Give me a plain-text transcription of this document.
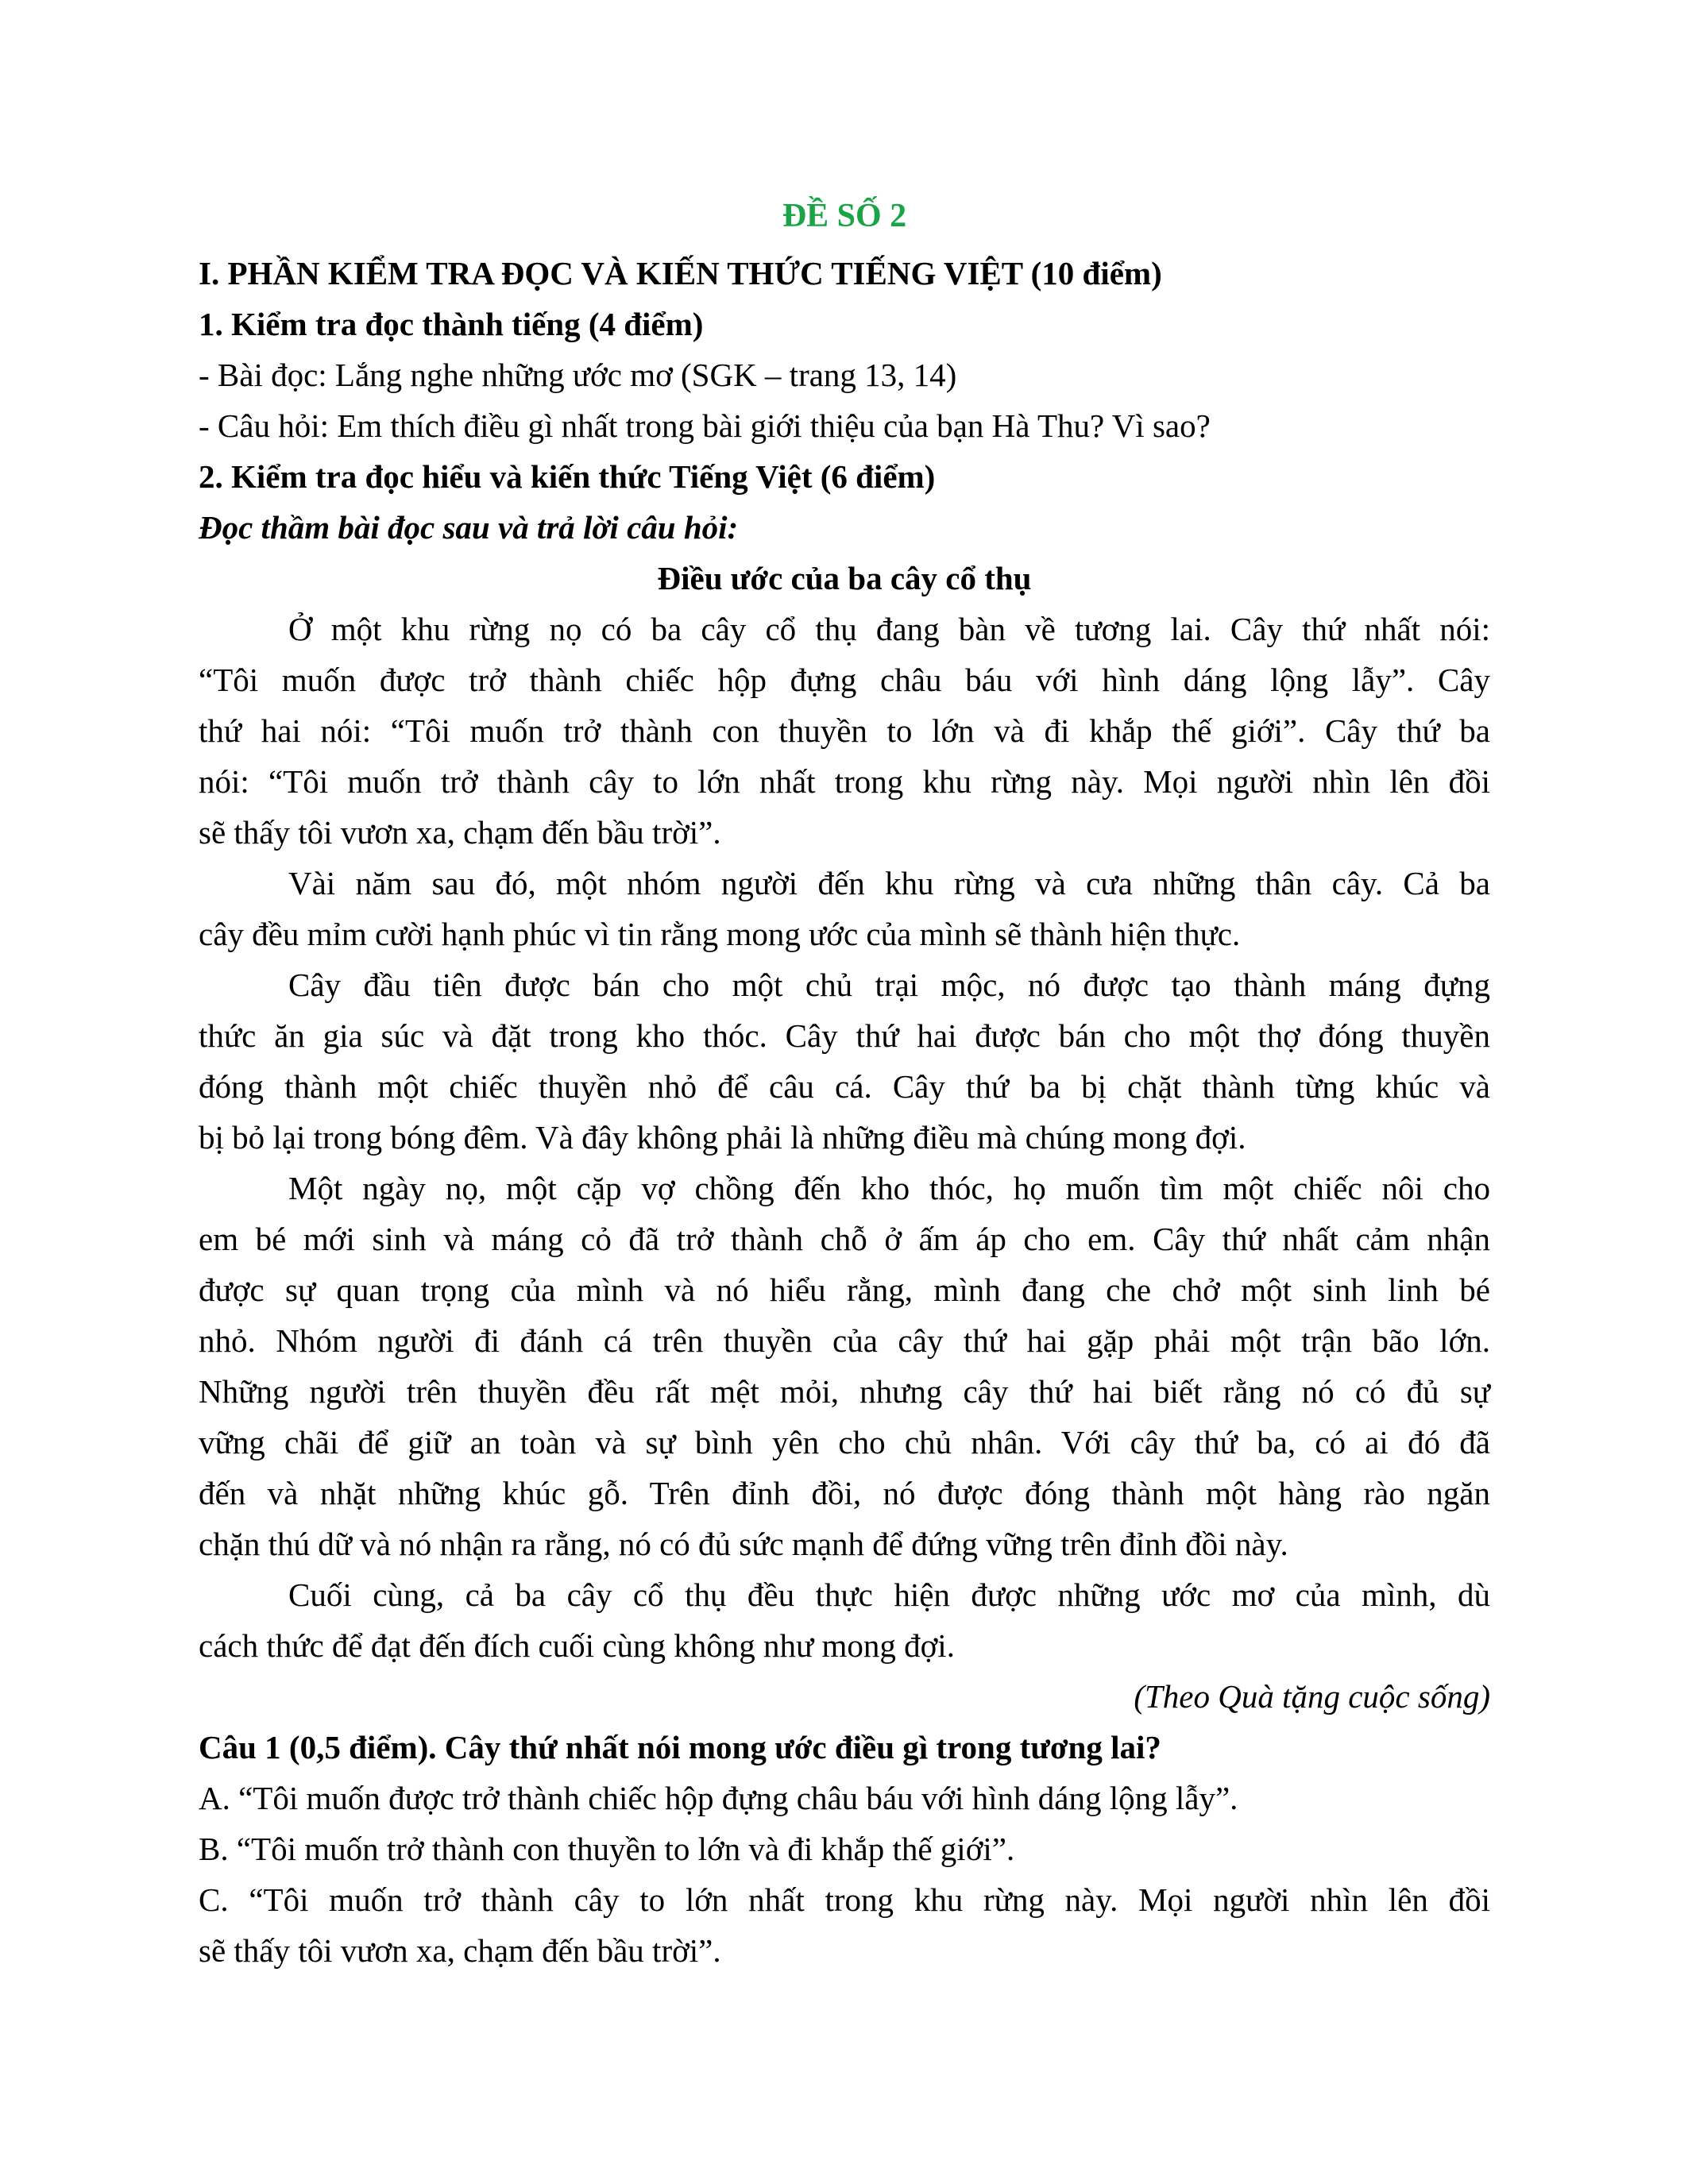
ĐỀ SỐ 2

I. PHẦN KIỂM TRA ĐỌC VÀ KIẾN THỨC TIẾNG VIỆT (10 điểm)

1. Kiểm tra đọc thành tiếng (4 điểm)

- Bài đọc: Lắng nghe những ước mơ (SGK – trang 13, 14)

- Câu hỏi: Em thích điều gì nhất trong bài giới thiệu của bạn Hà Thu? Vì sao?

2. Kiểm tra đọc hiểu và kiến thức Tiếng Việt (6 điểm)

Đọc thầm bài đọc sau và trả lời câu hỏi:

Điều ước của ba cây cổ thụ

Ở một khu rừng nọ có ba cây cổ thụ đang bàn về tương lai. Cây thứ nhất nói:

“Tôi muốn được trở thành chiếc hộp đựng châu báu với hình dáng lộng lẫy”. Cây

thứ hai nói: “Tôi muốn trở thành con thuyền to lớn và đi khắp thế giới”. Cây thứ ba

nói: “Tôi muốn trở thành cây to lớn nhất trong khu rừng này. Mọi người nhìn lên đồi

sẽ thấy tôi vươn xa, chạm đến bầu trời”.

Vài năm sau đó, một nhóm người đến khu rừng và cưa những thân cây. Cả ba

cây đều mỉm cười hạnh phúc vì tin rằng mong ước của mình sẽ thành hiện thực.

Cây đầu tiên được bán cho một chủ trại mộc, nó được tạo thành máng đựng

thức ăn gia súc và đặt trong kho thóc. Cây thứ hai được bán cho một thợ đóng thuyền

đóng thành một chiếc thuyền nhỏ để câu cá. Cây thứ ba bị chặt thành từng khúc và

bị bỏ lại trong bóng đêm. Và đây không phải là những điều mà chúng mong đợi.

Một ngày nọ, một cặp vợ chồng đến kho thóc, họ muốn tìm một chiếc nôi cho

em bé mới sinh và máng cỏ đã trở thành chỗ ở ấm áp cho em. Cây thứ nhất cảm nhận

được sự quan trọng của mình và nó hiểu rằng, mình đang che chở một sinh linh bé

nhỏ. Nhóm người đi đánh cá trên thuyền của cây thứ hai gặp phải một trận bão lớn.

Những người trên thuyền đều rất mệt mỏi, nhưng cây thứ hai biết rằng nó có đủ sự

vững chãi để giữ an toàn và sự bình yên cho chủ nhân. Với cây thứ ba, có ai đó đã

đến và nhặt những khúc gỗ. Trên đỉnh đồi, nó được đóng thành một hàng rào ngăn

chặn thú dữ và nó nhận ra rằng, nó có đủ sức mạnh để đứng vững trên đỉnh đồi này.

Cuối cùng, cả ba cây cổ thụ đều thực hiện được những ước mơ của mình, dù

cách thức để đạt đến đích cuối cùng không như mong đợi.

(Theo Quà tặng cuộc sống)

Câu 1 (0,5 điểm). Cây thứ nhất nói mong ước điều gì trong tương lai?

A. “Tôi muốn được trở thành chiếc hộp đựng châu báu với hình dáng lộng lẫy”.

B. “Tôi muốn trở thành con thuyền to lớn và đi khắp thế giới”.

C. “Tôi muốn trở thành cây to lớn nhất trong khu rừng này. Mọi người nhìn lên đồi

sẽ thấy tôi vươn xa, chạm đến bầu trời”.
